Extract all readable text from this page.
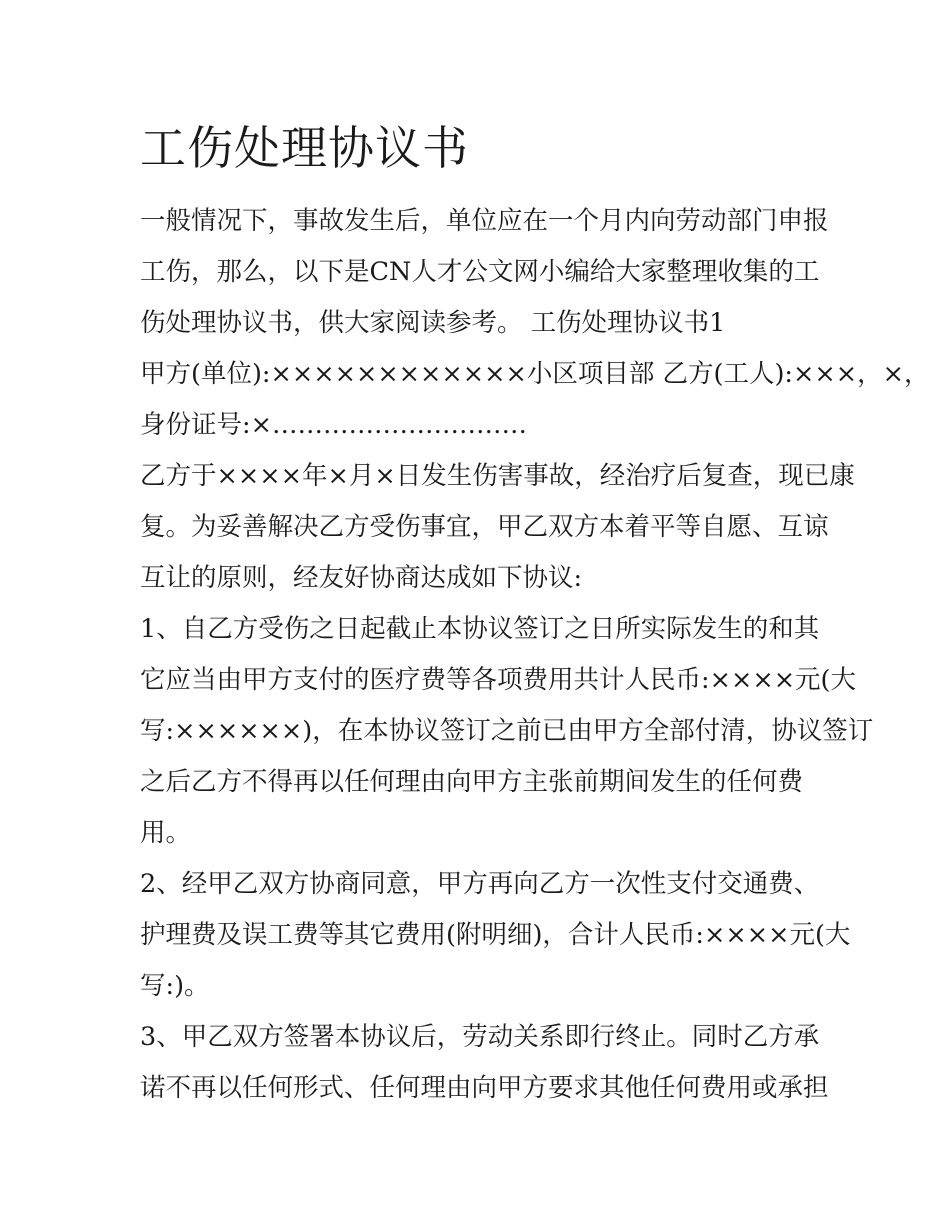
工伤处理协议书
一般情况下，事故发生后，单位应在一个月内向劳动部门申报
工伤，那么，以下是CN人才公文网小编给大家整理收集的工
伤处理协议书，供大家阅读参考。 工伤处理协议书1
甲方(单位):××××××××××××小区项目部 乙方(工人):×××，×，
身份证号:×…………………………
乙方于××××年×月×日发生伤害事故，经治疗后复查，现已康
复。为妥善解决乙方受伤事宜，甲乙双方本着平等自愿、互谅
互让的原则，经友好协商达成如下协议:
1、自乙方受伤之日起截止本协议签订之日所实际发生的和其
它应当由甲方支付的医疗费等各项费用共计人民币:××××元(大
写:××××××)，在本协议签订之前已由甲方全部付清，协议签订
之后乙方不得再以任何理由向甲方主张前期间发生的任何费
用。
2、经甲乙双方协商同意，甲方再向乙方一次性支付交通费、
护理费及误工费等其它费用(附明细)，合计人民币:××××元(大
写:)。
3、甲乙双方签署本协议后，劳动关系即行终止。同时乙方承
诺不再以任何形式、任何理由向甲方要求其他任何费用或承担
